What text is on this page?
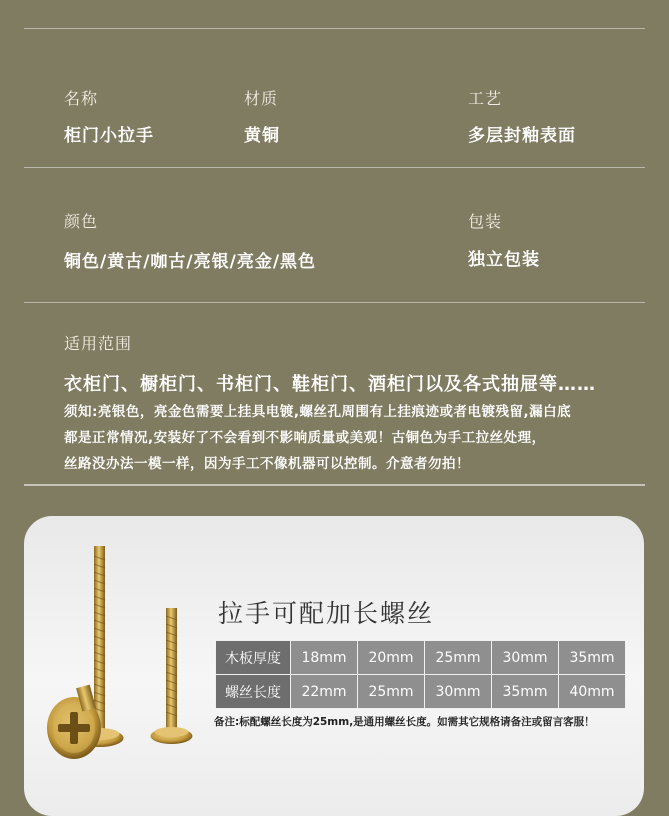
名称
柜门小拉手
材质
黄铜
工艺
多层封釉表面
颜色
铜色/黄古/咖古/亮银/亮金/黑色
包装
独立包装
适用范围
衣柜门、橱柜门、书柜门、鞋柜门、酒柜门以及各式抽屉等……
须知:亮银色，亮金色需要上挂具电镀,螺丝孔周围有上挂痕迹或者电镀残留,漏白底
都是正常情况,安装好了不会看到不影响质量或美观！古铜色为手工拉丝处理，
丝路没办法一模一样，因为手工不像机器可以控制。介意者勿拍！
拉手可配加长螺丝
木板厚度	18mm	20mm	25mm	30mm	35mm
螺丝长度	22mm	25mm	30mm	35mm	40mm
备注:标配螺丝长度为25mm,是通用螺丝长度。如需其它规格请备注或留言客服！
